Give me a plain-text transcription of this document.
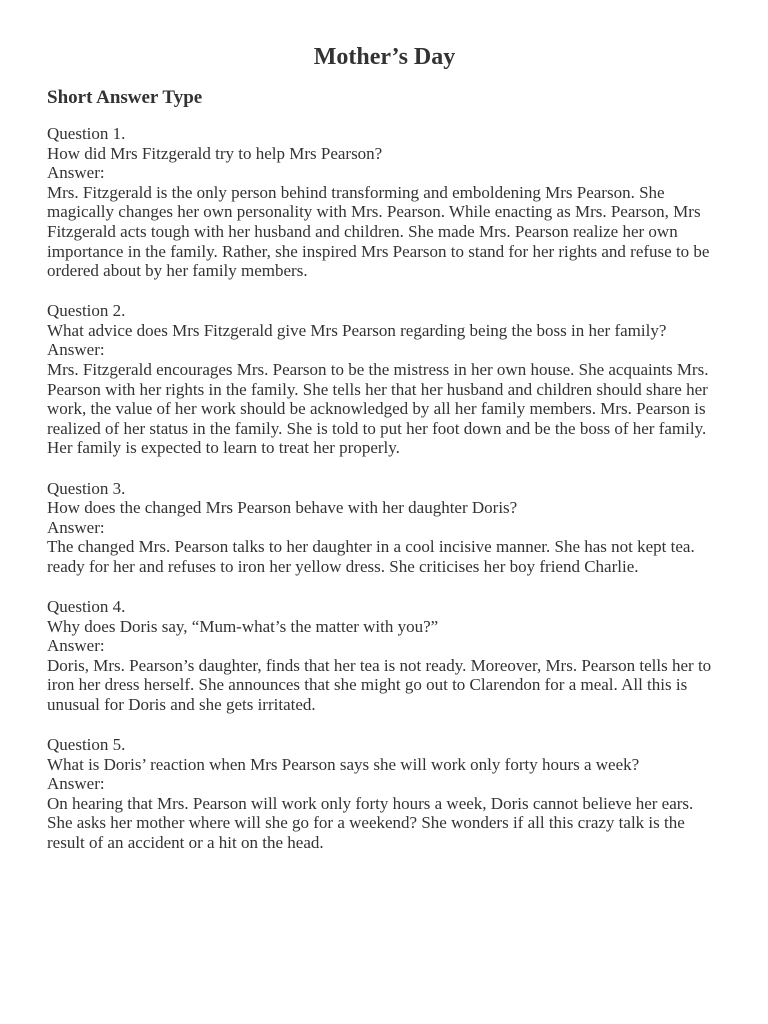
Mother’s Day
Short Answer Type
Question 1.
How did Mrs Fitzgerald try to help Mrs Pearson?
Answer:
Mrs. Fitzgerald is the only person behind transforming and emboldening Mrs Pearson. She magically changes her own personality with Mrs. Pearson. While enacting as Mrs. Pearson, Mrs Fitzgerald acts tough with her husband and children. She made Mrs. Pearson realize her own importance in the family. Rather, she inspired Mrs Pearson to stand for her rights and refuse to be ordered about by her family members.
Question 2.
What advice does Mrs Fitzgerald give Mrs Pearson regarding being the boss in her family?
Answer:
Mrs. Fitzgerald encourages Mrs. Pearson to be the mistress in her own house. She acquaints Mrs. Pearson with her rights in the family. She tells her that her husband and children should share her work, the value of her work should be acknowledged by all her family members. Mrs. Pearson is realized of her status in the family. She is told to put her foot down and be the boss of her family. Her family is expected to learn to treat her properly.
Question 3.
How does the changed Mrs Pearson behave with her daughter Doris?
Answer:
The changed Mrs. Pearson talks to her daughter in a cool incisive manner. She has not kept tea. ready for her and refuses to iron her yellow dress. She criticises her boy friend Charlie.
Question 4.
Why does Doris say, “Mum-what’s the matter with you?”
Answer:
Doris, Mrs. Pearson’s daughter, finds that her tea is not ready. Moreover, Mrs. Pearson tells her to iron her dress herself. She announces that she might go out to Clarendon for a meal. All this is unusual for Doris and she gets irritated.
Question 5.
What is Doris’ reaction when Mrs Pearson says she will work only forty hours a week?
Answer:
On hearing that Mrs. Pearson will work only forty hours a week, Doris cannot believe her ears. She asks her mother where will she go for a weekend? She wonders if all this crazy talk is the result of an accident or a hit on the head.
